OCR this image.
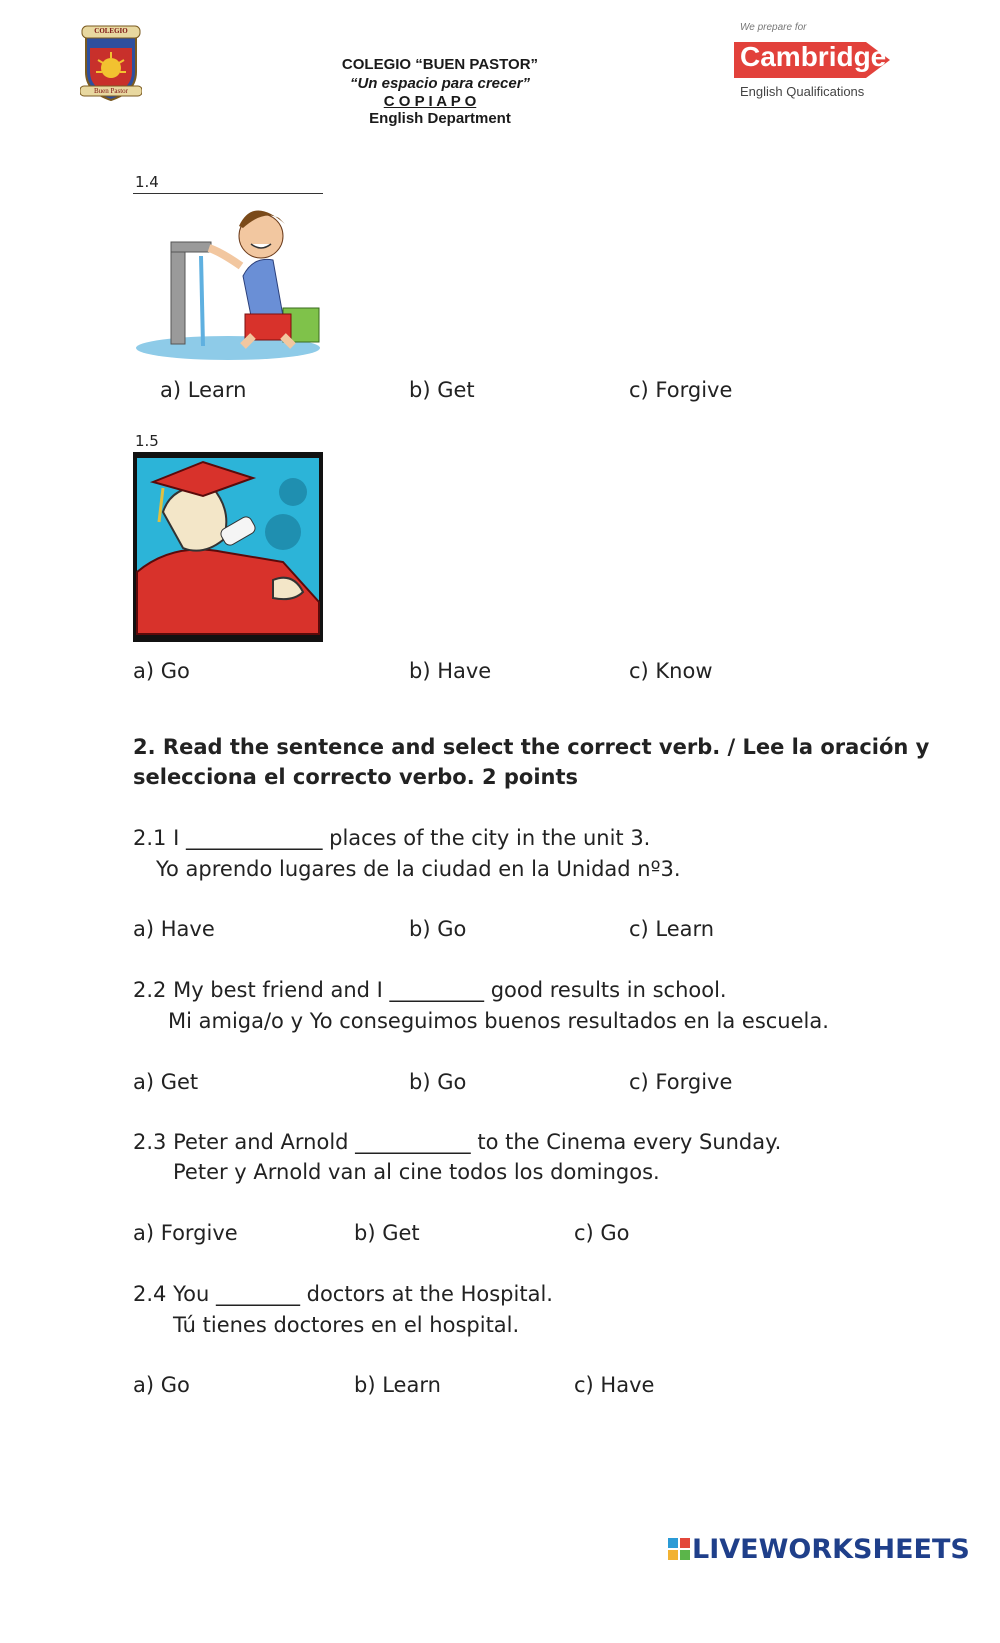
COLEGIO
Buen Pastor
COLEGIO “BUEN PASTOR”
“Un espacio para crecer”
C O P I A P O
English Department
We prepare for
Cambridge
English Qualifications
1.4
a) Learn	b) Get	c) Forgive
1.5
a) Go	b) Have	c) Know
2. Read the sentence and select the correct verb. / Lee la oración y
selecciona el correcto verbo. 2 points
2.1 I _____________ places of the city in the unit 3.
Yo aprendo lugares de la ciudad en la Unidad nº3.
a) Have	b) Go	c) Learn
2.2 My best friend and I _________ good results in school.
Mi amiga/o y Yo conseguimos buenos resultados en la escuela.
a) Get	b) Go	c) Forgive
2.3 Peter and Arnold ___________ to the Cinema every Sunday.
Peter y Arnold van al cine todos los domingos.
a) Forgive	b) Get	c) Go
2.4 You ________ doctors at the Hospital.
Tú tienes doctores en el hospital.
a) Go	b) Learn	c) Have
LIVEWORKSHEETS
